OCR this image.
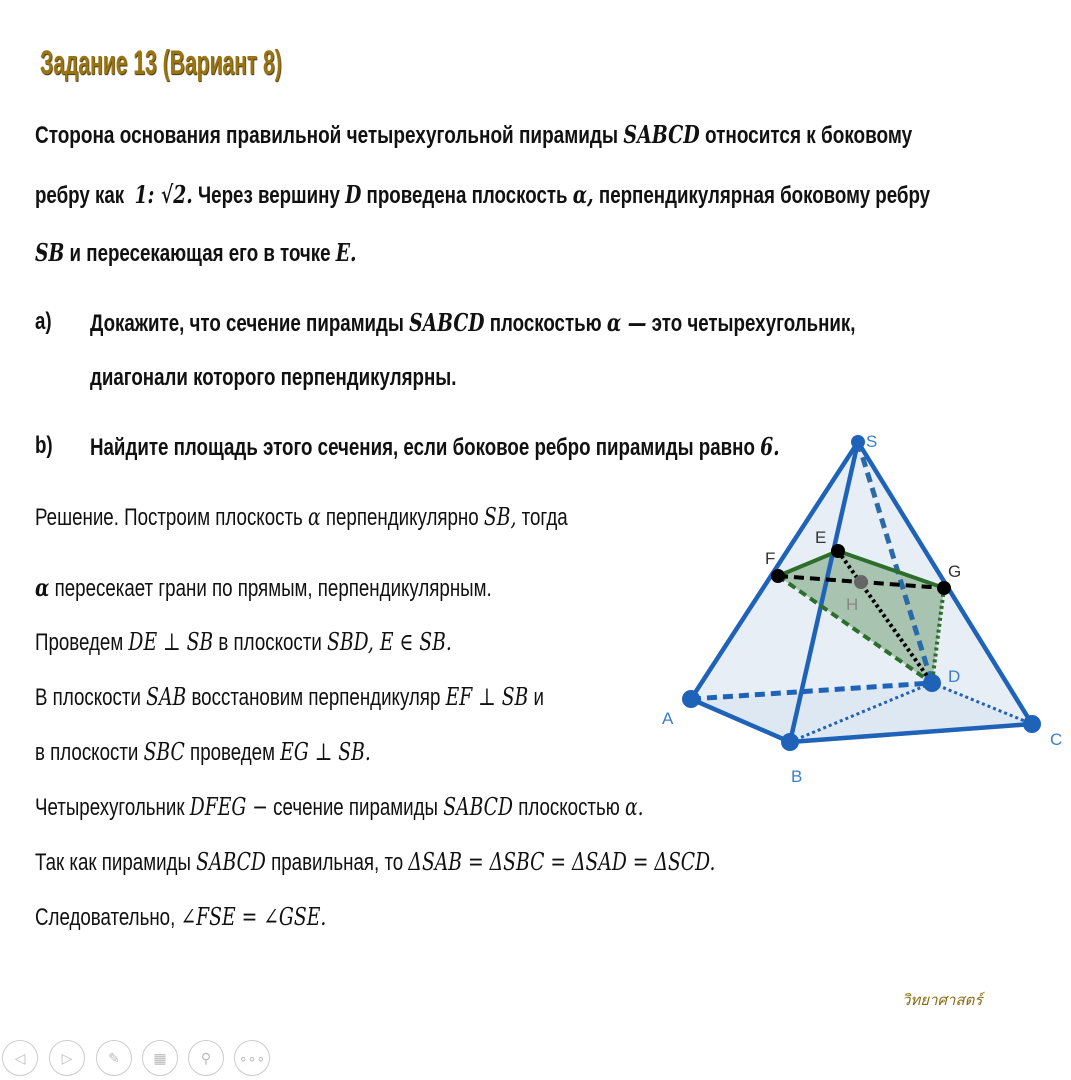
Задание 13 (Вариант 8)
Сторона основания правильной четырехугольной пирамиды SABCD относится к боковому
ребру как 1: √2. Через вершину D проведена плоскость α, перпендикулярная боковому ребру
SB и пересекающая его в точке E.
a) Докажите, что сечение пирамиды SABCD плоскостью α — это четырехугольник,
диагонали которого перпендикулярны.
b) Найдите площадь этого сечения, если боковое ребро пирамиды равно 6.
Решение. Построим плоскость α перпендикулярно SB, тогда
α пересекает грани по прямым, перпендикулярным.
Проведем DE ⊥ SB в плоскости SBD, E ∈ SB.
В плоскости SAB восстановим перпендикуляр EF ⊥ SB и
в плоскости SBC проведем EG ⊥ SB.
Четырехугольник DFEG − сечение пирамиды SABCD плоскостью α.
Так как пирамиды SABCD правильная, то ΔSAB = ΔSBC = ΔSAD = ΔSCD.
Следовательно, ∠FSE = ∠GSE.
S
E
F
G
H
D
A
B
C
วิทยาศาสตร์
◁	▷	✎ ▦ ⚲ ∘∘∘
